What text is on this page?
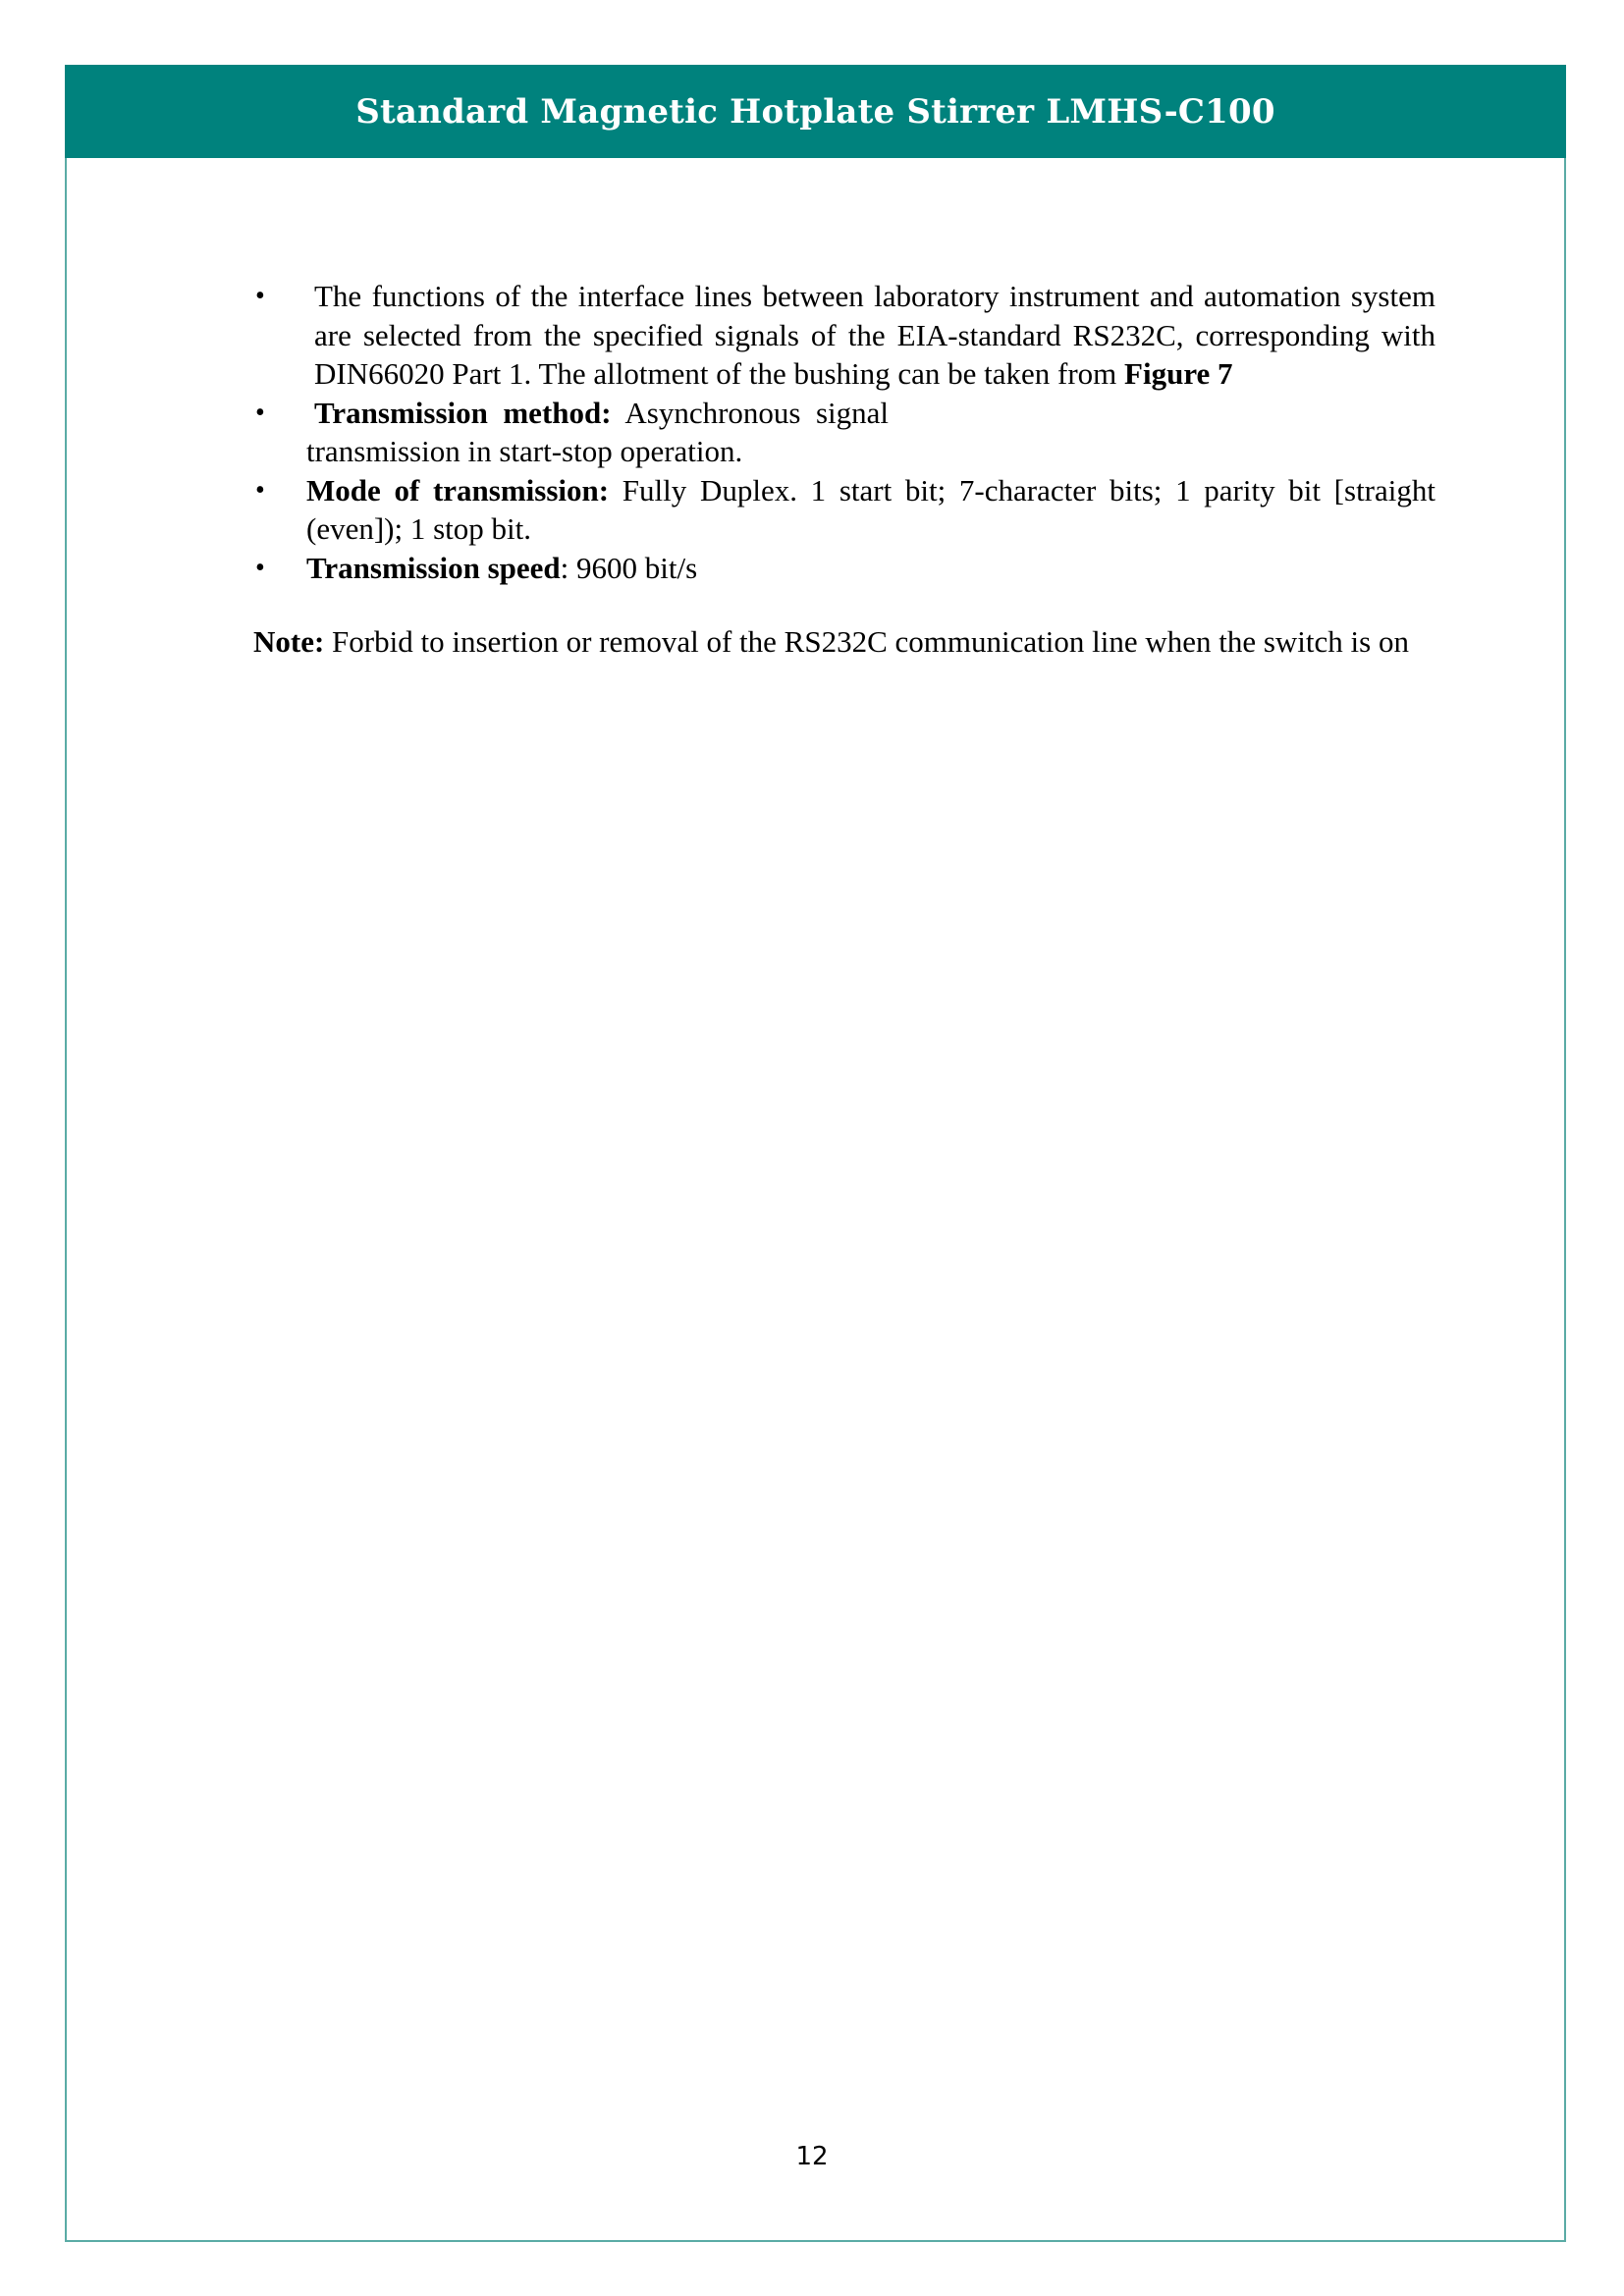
Standard Magnetic Hotplate Stirrer LMHS-C100
•	The functions of the interface lines between laboratory instrument and automation system are selected from the specified signals of the EIA-standard RS232C, corresponding with DIN66020 Part 1. The allotment of the bushing can be taken from Figure 7
•	Transmission  method:  Asynchronous  signal
transmission in start-stop operation.
•	Mode of transmission: Fully Duplex. 1 start bit; 7-character bits; 1 parity bit [straight (even]); 1 stop bit.
•	Transmission speed: 9600 bit/s

Note: Forbid to insertion or removal of the RS232C communication line when the switch is on

12
